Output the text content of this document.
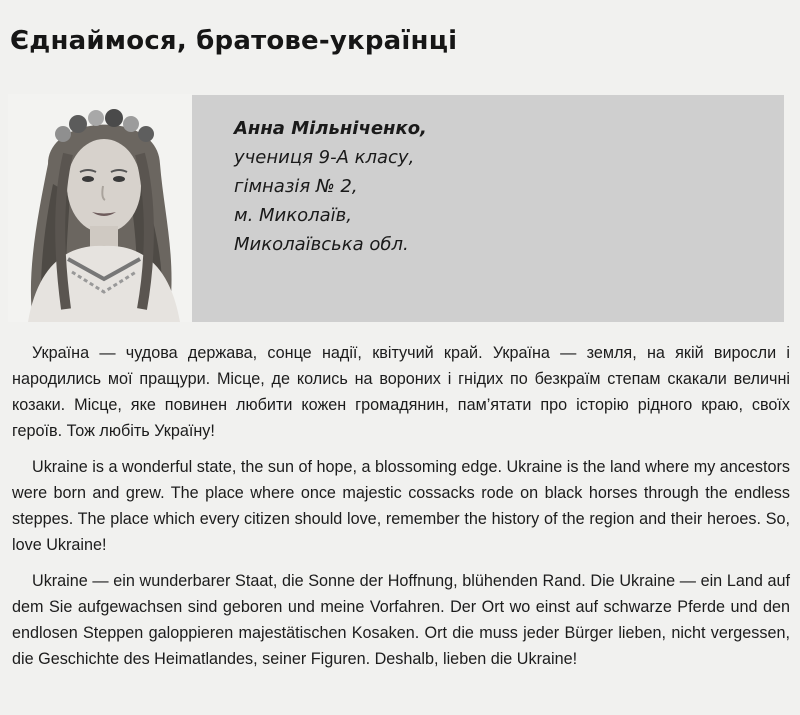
Єднаймося, братове-українці
Анна Мільніченко,
учениця 9-А класу,
гімназія № 2,
м. Миколаїв,
Миколаївська обл.

Україна — чудова держава, сонце надії, квітучий край. Україна — земля, на якій виросли і народились мої пращури. Місце, де колись на вороних і гнідих по безкраїм степам скакали величні козаки. Місце, яке повинен любити кожен громадянин, пам’ятати про історію рідного краю, своїх героїв. Тож любіть Україну!

Ukraine is a wonderful state, the sun of hope, a blossoming edge. Ukraine is the land where my ancestors were born and grew. The place where once majestic cossacks rode on black horses through the endless steppes. The place which every citizen should love, remember the history of the region and their heroes. So, love Ukraine!

Ukraine — ein wunderbarer Staat, die Sonne der Hoffnung, blühenden Rand. Die Ukraine — ein Land auf dem Sie aufgewachsen sind geboren und meine Vorfahren. Der Ort wo einst auf schwarze Pferde und den endlosen Steppen galoppieren majestätischen Kosaken. Ort die muss jeder Bürger lieben, nicht vergessen, die Geschichte des Heimatlandes, seiner Figuren. Deshalb, lieben die Ukraine!
